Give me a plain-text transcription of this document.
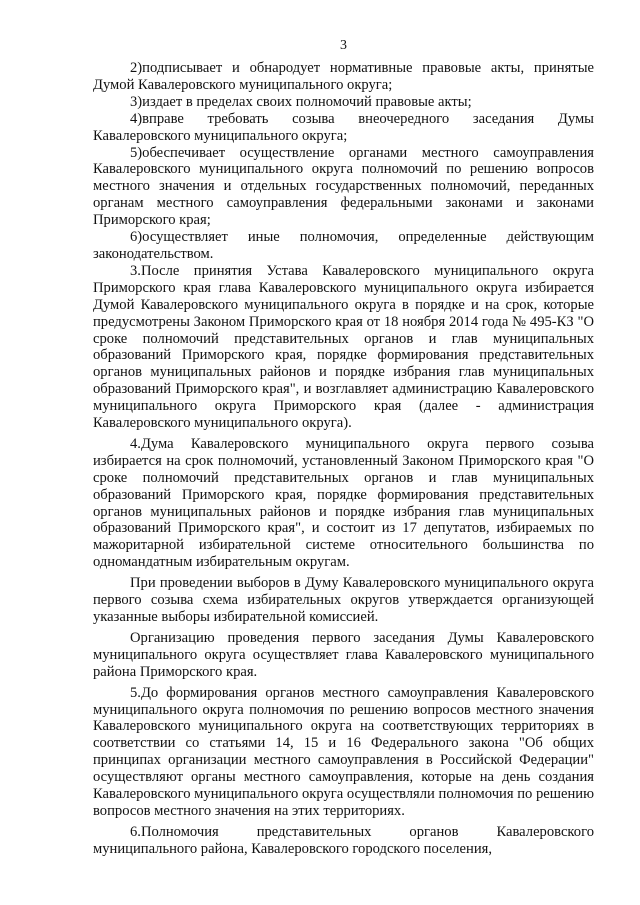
3

2)подписывает и обнародует нормативные правовые акты, принятые Думой Кавалеровского муниципального округа;

3)издает в пределах своих полномочий правовые акты;

4)вправе требовать созыва внеочередного заседания Думы Кавалеровского муниципального округа;

5)обеспечивает осуществление органами местного самоуправления Кавалеровского муниципального округа полномочий по решению вопросов местного значения и отдельных государственных полномочий, переданных органам местного самоуправления федеральными законами и законами Приморского края;

6)осуществляет иные полномочия, определенные действующим законодательством.

3.После принятия Устава Кавалеровского муниципального округа Приморского края глава Кавалеровского муниципального округа избирается Думой Кавалеровского муниципального округа в порядке и на срок, которые предусмотрены Законом Приморского края от 18 ноября 2014 года № 495-КЗ "О сроке полномочий представительных органов и глав муниципальных образований Приморского края, порядке формирования представительных органов муниципальных районов и порядке избрания глав муниципальных образований Приморского края", и возглавляет администрацию Кавалеровского муниципального округа Приморского края (далее - администрация Кавалеровского муниципального округа).

4.Дума Кавалеровского муниципального округа первого созыва избирается на срок полномочий, установленный Законом Приморского края "О сроке полномочий представительных органов и глав муниципальных образований Приморского края, порядке формирования представительных органов муниципальных районов и порядке избрания глав муниципальных образований Приморского края", и состоит из 17 депутатов, избираемых по мажоритарной избирательной системе относительного большинства по одномандатным избирательным округам.

При проведении выборов в Думу Кавалеровского муниципального округа первого созыва схема избирательных округов утверждается организующей указанные выборы избирательной комиссией.

Организацию проведения первого заседания Думы Кавалеровского муниципального округа осуществляет глава Кавалеровского муниципального района Приморского края.

5.До формирования органов местного самоуправления Кавалеровского муниципального округа полномочия по решению вопросов местного значения Кавалеровского муниципального округа на соответствующих территориях в соответствии со статьями 14, 15 и 16 Федерального закона "Об общих принципах организации местного самоуправления в Российской Федерации" осуществляют органы местного самоуправления, которые на день создания Кавалеровского муниципального округа осуществляли полномочия по решению вопросов местного значения на этих территориях.

6.Полномочия представительных органов Кавалеровского муниципального района, Кавалеровского городского поселения,
